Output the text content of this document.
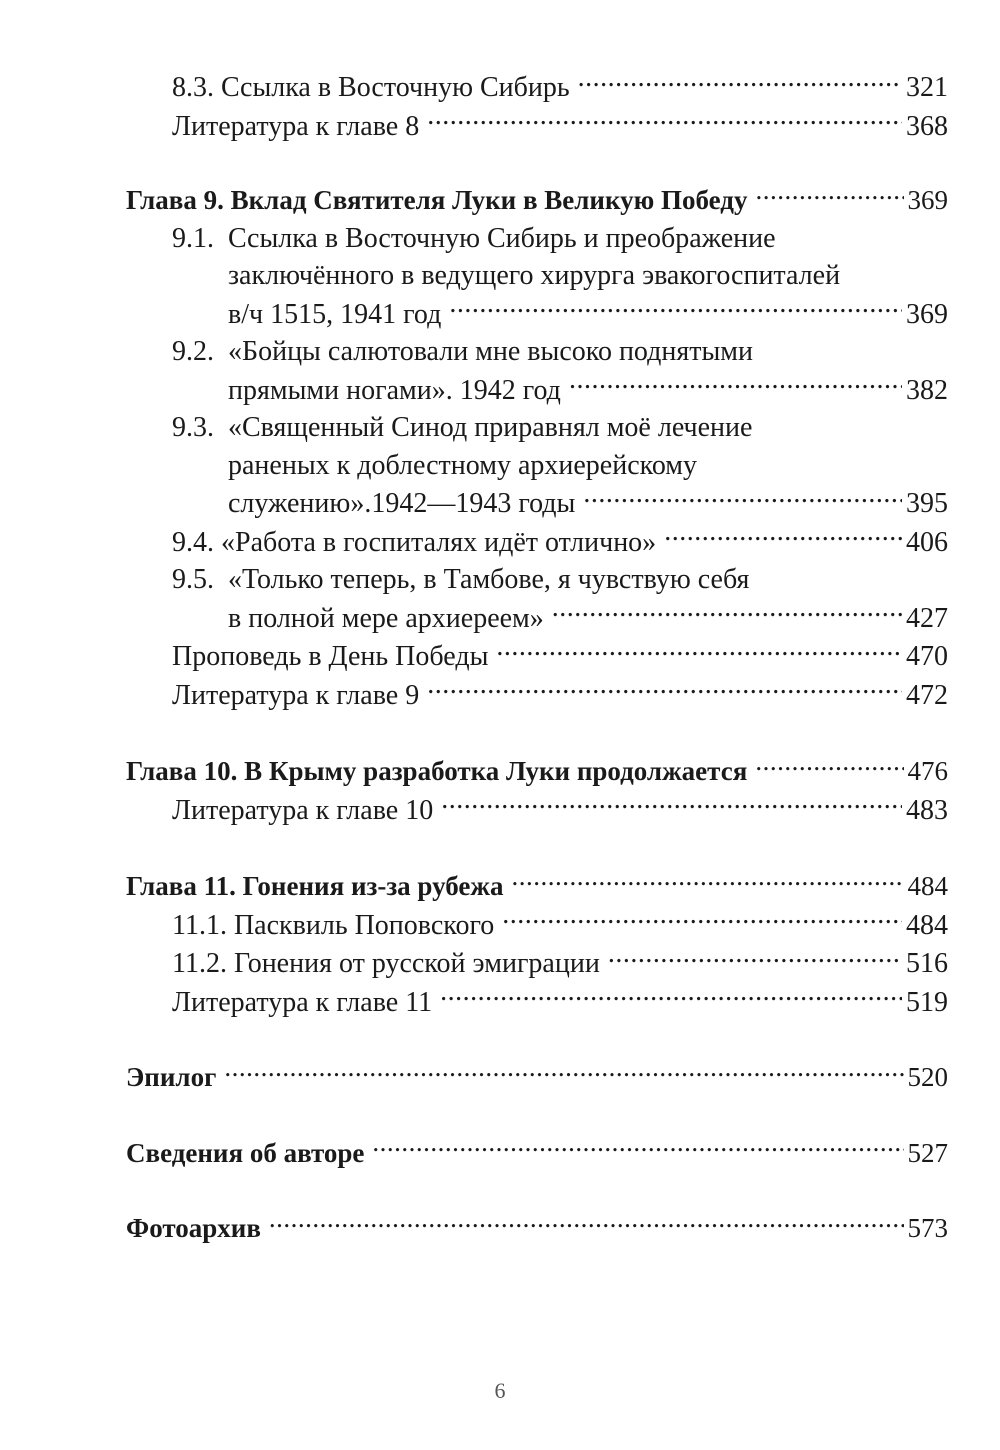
8.3. Ссылка в Восточную Сибирь .....	321
Литература к главе 8 .....	368
Глава 9. Вклад Святителя Луки в Великую Победу .....	369
9.1. Ссылка в Восточную Сибирь и преображение
заключённого в ведущего хирурга эвакогоспиталей
в/ч 1515, 1941 год .....	369
9.2. «Бойцы салютовали мне высоко поднятыми
прямыми ногами». 1942 год .....	382
9.3. «Священный Синод приравнял моё лечение
раненых к доблестному архиерейскому
служению».1942—1943 годы .....	395
9.4. «Работа в госпиталях идёт отлично» .....	406
9.5. «Только теперь, в Тамбове, я чувствую себя
в полной мере архиереем» .....	427
Проповедь в День Победы .....	470
Литература к главе 9 .....	472
Глава 10. В Крыму разработка Луки продолжается .....	476
Литература к главе 10 .....	483
Глава 11. Гонения из-за рубежа .....	484
11.1. Пасквиль Поповского .....	484
11.2. Гонения от русской эмиграции .....	516
Литература к главе 11 .....	519
Эпилог .....	520
Сведения об авторе .....	527
Фотоархив .....	573
6
